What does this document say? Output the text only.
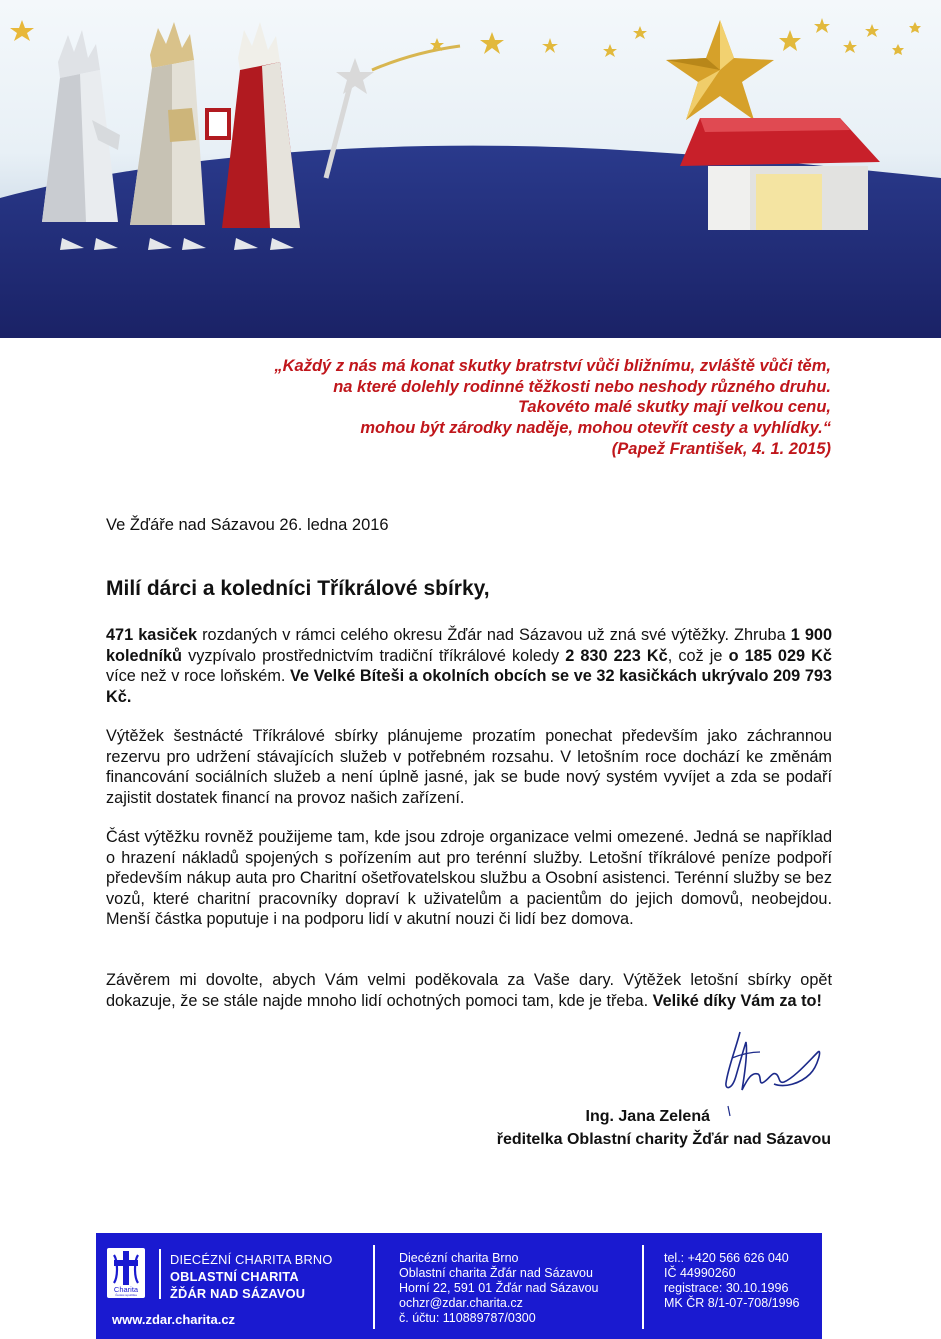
„Každý z nás má konat skutky bratrství vůči bližnímu, zvláště vůči těm,
na které dolehly rodinné těžkosti nebo neshody různého druhu.
Takovéto malé skutky mají velkou cenu,
mohou být zárodky naděje, mohou otevřít cesty a vyhlídky.“
(Papež František, 4. 1. 2015)
Ve Žďáře nad Sázavou 26. ledna 2016
Milí dárci a koledníci Tříkrálové sbírky,
471 kasiček rozdaných v rámci celého okresu Žďár nad Sázavou už zná své výtěžky. Zhruba 1 900 koledníků vyzpívalo prostřednictvím tradiční tříkrálové koledy 2 830 223 Kč, což je o 185 029 Kč více než v roce loňském. Ve Velké Bíteši a okolních obcích se ve 32 kasičkách ukrývalo 209 793 Kč.
Výtěžek šestnácté Tříkrálové sbírky plánujeme prozatím ponechat především jako záchrannou rezervu pro udržení stávajících služeb v potřebném rozsahu. V letošním roce dochází ke změnám financování sociálních služeb a není úplně jasné, jak se bude nový systém vyvíjet a zda se podaří zajistit dostatek financí na provoz našich zařízení.
Část výtěžku rovněž použijeme tam, kde jsou zdroje organizace velmi omezené. Jedná se například o hrazení nákladů spojených s pořízením aut pro terénní služby. Letošní tříkrálové peníze podpoří především nákup auta pro Charitní ošetřovatelskou službu a Osobní asistenci. Terénní služby se bez vozů, které charitní pracovníky dopraví k uživatelům a pacientům do jejich domovů, neobejdou. Menší částka poputuje i na podporu lidí v akutní nouzi či lidí bez domova.
Závěrem mi dovolte, abych Vám velmi poděkovala za Vaše dary. Výtěžek letošní sbírky opět dokazuje, že se stále najde mnoho lidí ochotných pomoci tam, kde je třeba. Veliké díky Vám za to!
Ing. Jana Zelená
ředitelka Oblastní charity Žďár nad Sázavou
Charita
Česká republika
DIECÉZNÍ CHARITA BRNO
OBLASTNÍ CHARITA
ŽĎÁR NAD SÁZAVOU
www.zdar.charita.cz
Diecézní charita Brno
Oblastní charita Žďár nad Sázavou
Horní 22, 591 01 Žďár nad Sázavou
ochzr@zdar.charita.cz
č. účtu: 110889787/0300
tel.: +420 566 626 040
IČ 44990260
registrace: 30.10.1996
MK ČR 8/1-07-708/1996
